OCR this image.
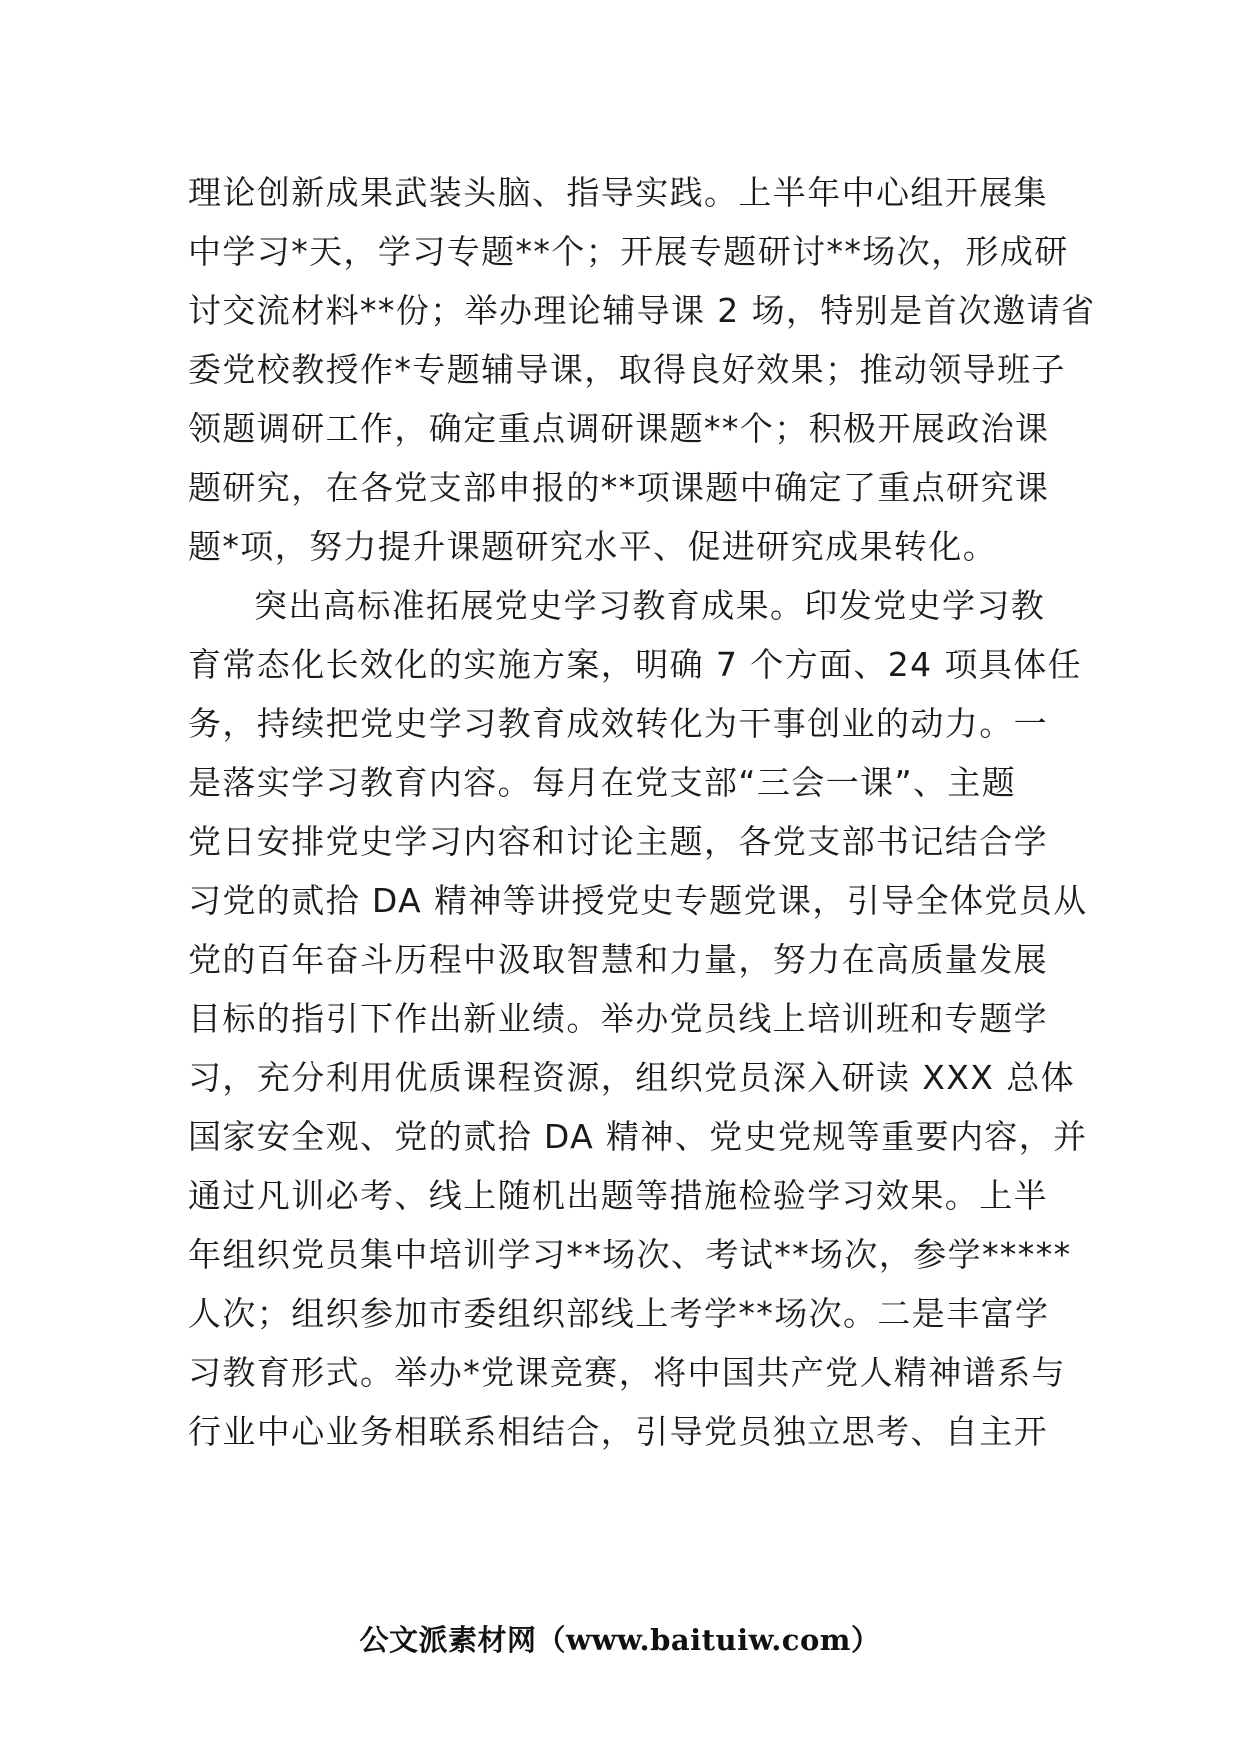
理论创新成果武装头脑、指导实践。上半年中心组开展集
中学习*天，学习专题**个；开展专题研讨**场次，形成研
讨交流材料**份；举办理论辅导课 2 场，特别是首次邀请省
委党校教授作*专题辅导课，取得良好效果；推动领导班子
领题调研工作，确定重点调研课题**个；积极开展政治课
题研究，在各党支部申报的**项课题中确定了重点研究课
题*项，努力提升课题研究水平、促进研究成果转化。
突出高标准拓展党史学习教育成果。印发党史学习教
育常态化长效化的实施方案，明确 7 个方面、24 项具体任
务，持续把党史学习教育成效转化为干事创业的动力。一
是落实学习教育内容。每月在党支部“三会一课”、主题
党日安排党史学习内容和讨论主题，各党支部书记结合学
习党的贰拾 DA 精神等讲授党史专题党课，引导全体党员从
党的百年奋斗历程中汲取智慧和力量，努力在高质量发展
目标的指引下作出新业绩。举办党员线上培训班和专题学
习，充分利用优质课程资源，组织党员深入研读 XXX 总体
国家安全观、党的贰拾 DA 精神、党史党规等重要内容，并
通过凡训必考、线上随机出题等措施检验学习效果。上半
年组织党员集中培训学习**场次、考试**场次，参学*****
人次；组织参加市委组织部线上考学**场次。二是丰富学
习教育形式。举办*党课竞赛，将中国共产党人精神谱系与
行业中心业务相联系相结合，引导党员独立思考、自主开
公文派素材网（www.baituiw.com）
